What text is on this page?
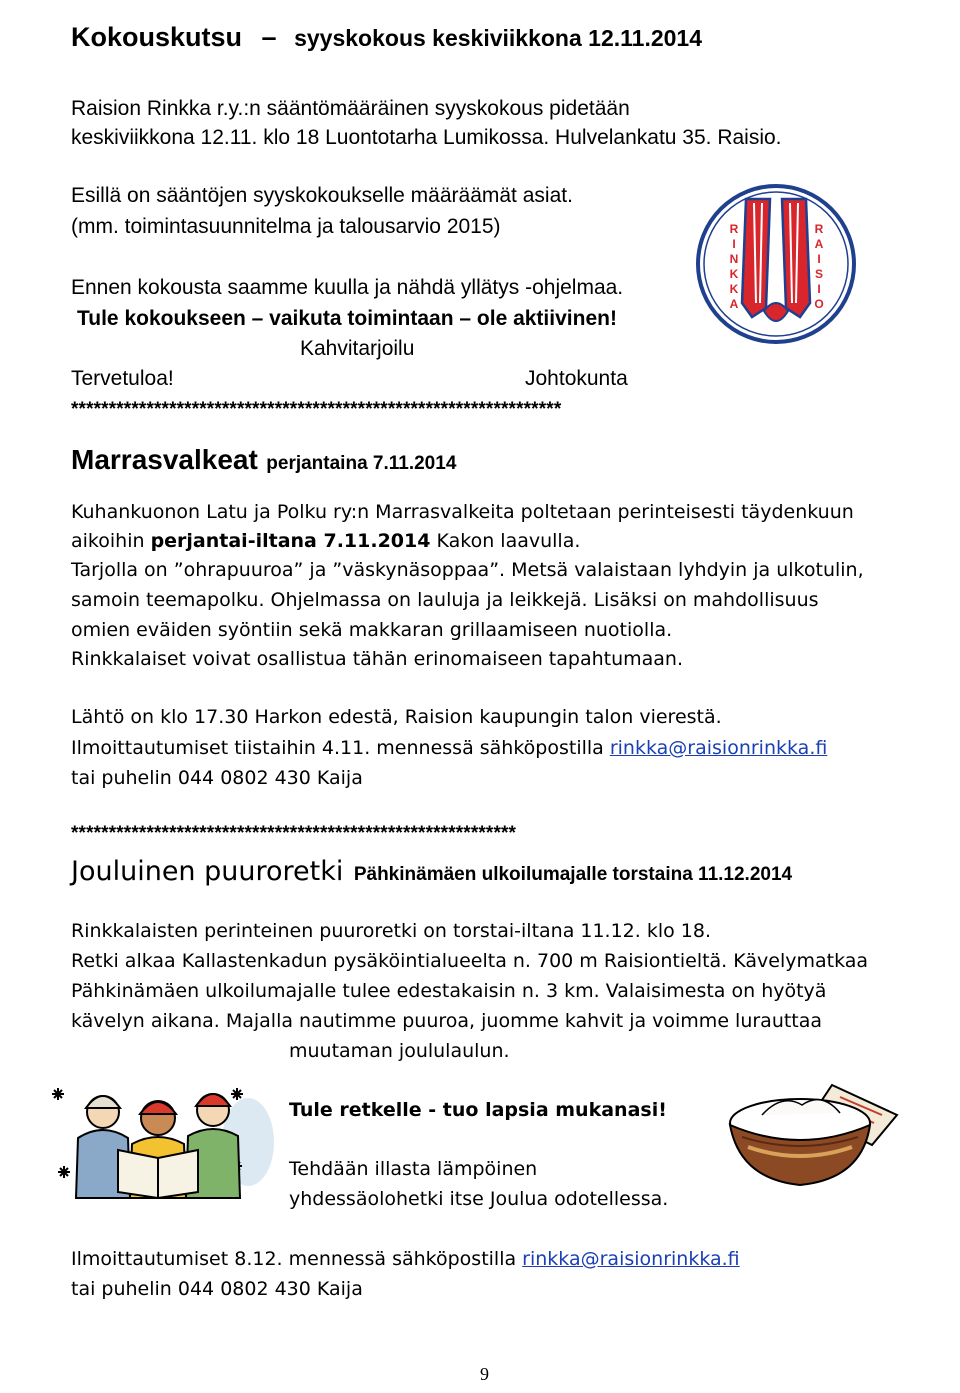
Kokouskutsu – syyskokous keskiviikkona 12.11.2014
Raision Rinkka r.y.:n sääntömääräinen syyskokous pidetään
keskiviikkona 12.11. klo 18 Luontotarha Lumikossa. Hulvelankatu 35. Raisio.
Esillä on sääntöjen syyskokoukselle määräämät asiat.
(mm. toimintasuunnitelma ja talousarvio 2015)
Ennen kokousta saamme kuulla ja nähdä yllätys -ohjelmaa.
Tule kokoukseen – vaikuta toimintaan – ole aktiivinen!
Kahvitarjoilu
Tervetuloa!	Johtokunta
R
I
N
K
K
A
R
A
I
S
I
O
*****************************************************************
Marrasvalkeat perjantaina 7.11.2014
Kuhankuonon Latu ja Polku ry:n Marrasvalkeita poltetaan perinteisesti täydenkuun
aikoihin perjantai-iltana 7.11.2014 Kakon laavulla.
Tarjolla on ”ohrapuuroa” ja ”väskynäsoppaa”. Metsä valaistaan lyhdyin ja ulkotulin,
samoin teemapolku. Ohjelmassa on lauluja ja leikkejä. Lisäksi on mahdollisuus
omien eväiden syöntiin sekä makkaran grillaamiseen nuotiolla.
Rinkkalaiset voivat osallistua tähän erinomaiseen tapahtumaan.
Lähtö on klo 17.30 Harkon edestä, Raision kaupungin talon vierestä.
Ilmoittautumiset tiistaihin 4.11. mennessä sähköpostilla rinkka@raisionrinkka.fi
tai puhelin 044 0802 430 Kaija
***********************************************************
Jouluinen puuroretki Pähkinämäen ulkoilumajalle torstaina 11.12.2014
Rinkkalaisten perinteinen puuroretki on torstai-iltana 11.12. klo 18.
Retki alkaa Kallastenkadun pysäköintialueelta n. 700 m Raisiontieltä. Kävelymatkaa
Pähkinämäen ulkoilumajalle tulee edestakaisin n. 3 km. Valaisimesta on hyötyä
kävelyn aikana. Majalla nautimme puuroa, juomme kahvit ja voimme lurauttaa
muutaman joululaulun.
Tule retkelle - tuo lapsia mukanasi!
Tehdään illasta lämpöinen
yhdessäolohetki itse Joulua odotellessa.
Ilmoittautumiset 8.12. mennessä sähköpostilla rinkka@raisionrinkka.fi
tai puhelin 044 0802 430 Kaija
9
